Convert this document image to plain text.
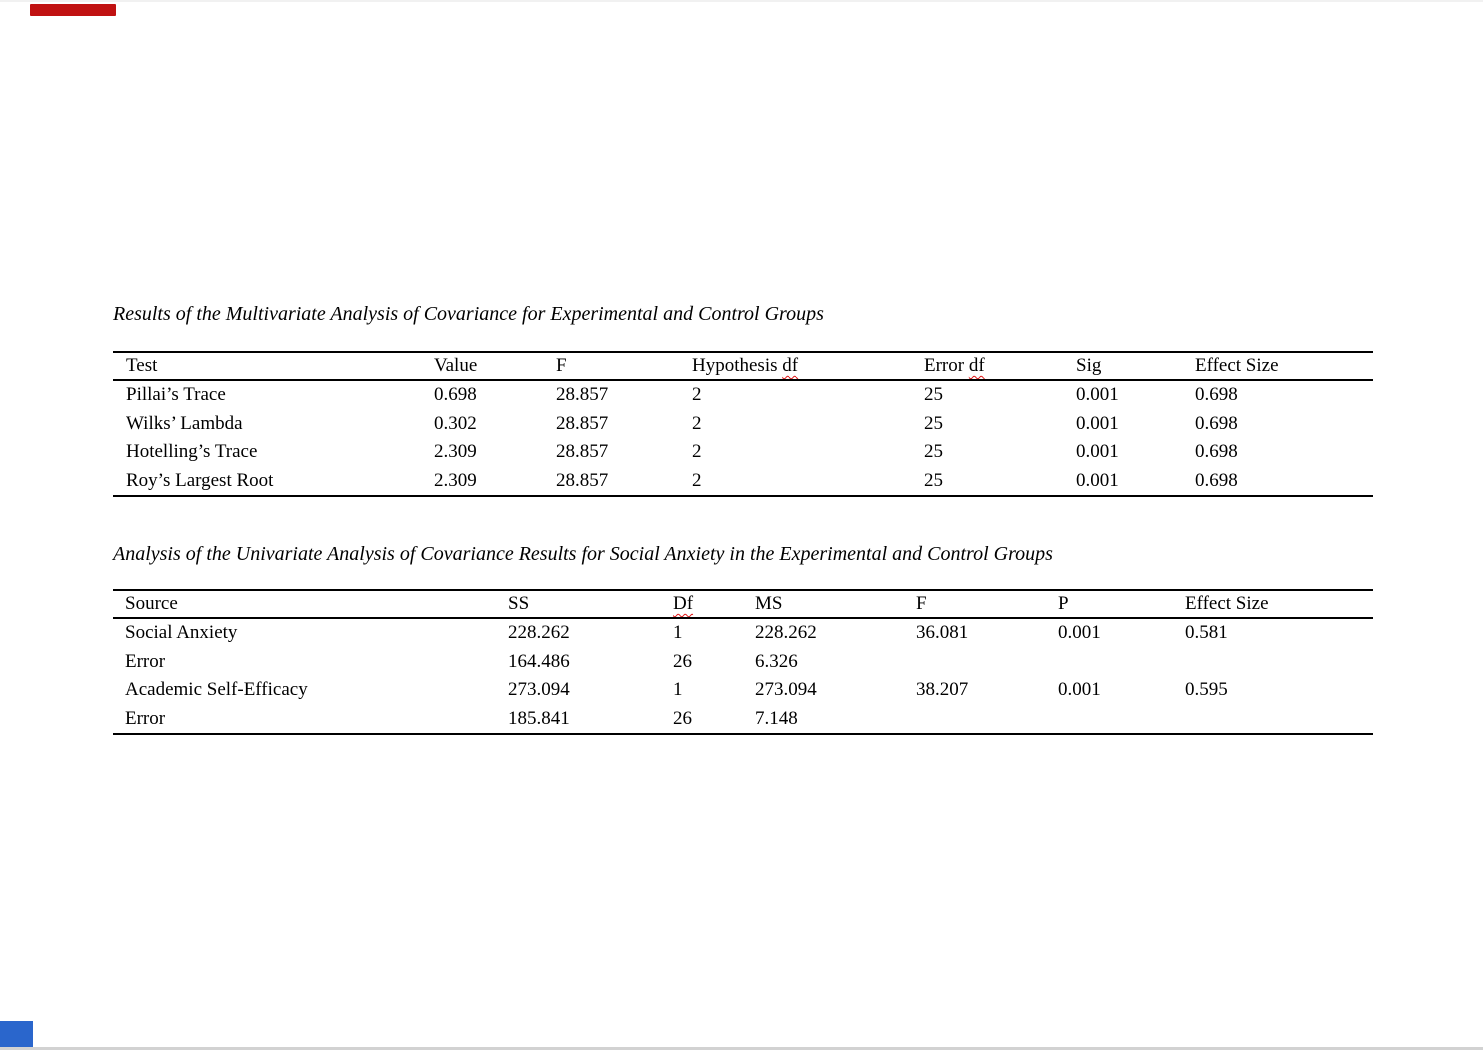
Results of the Multivariate Analysis of Covariance for Experimental and Control Groups
Test	Value	F	Hypothesis df	Error df	Sig	Effect Size
Pillai’s Trace	0.698	28.857	2	25	0.001	0.698
Wilks’ Lambda	0.302	28.857	2	25	0.001	0.698
Hotelling’s Trace	2.309	28.857	2	25	0.001	0.698
Roy’s Largest Root	2.309	28.857	2	25	0.001	0.698
Analysis of the Univariate Analysis of Covariance Results for Social Anxiety in the Experimental and Control Groups
Source	SS	Df	MS	F	P	Effect Size
Social Anxiety	228.262	1	228.262	36.081	0.001	0.581
Error	164.486	26	6.326			
Academic Self-Efficacy	273.094	1	273.094	38.207	0.001	0.595
Error	185.841	26	7.148			
